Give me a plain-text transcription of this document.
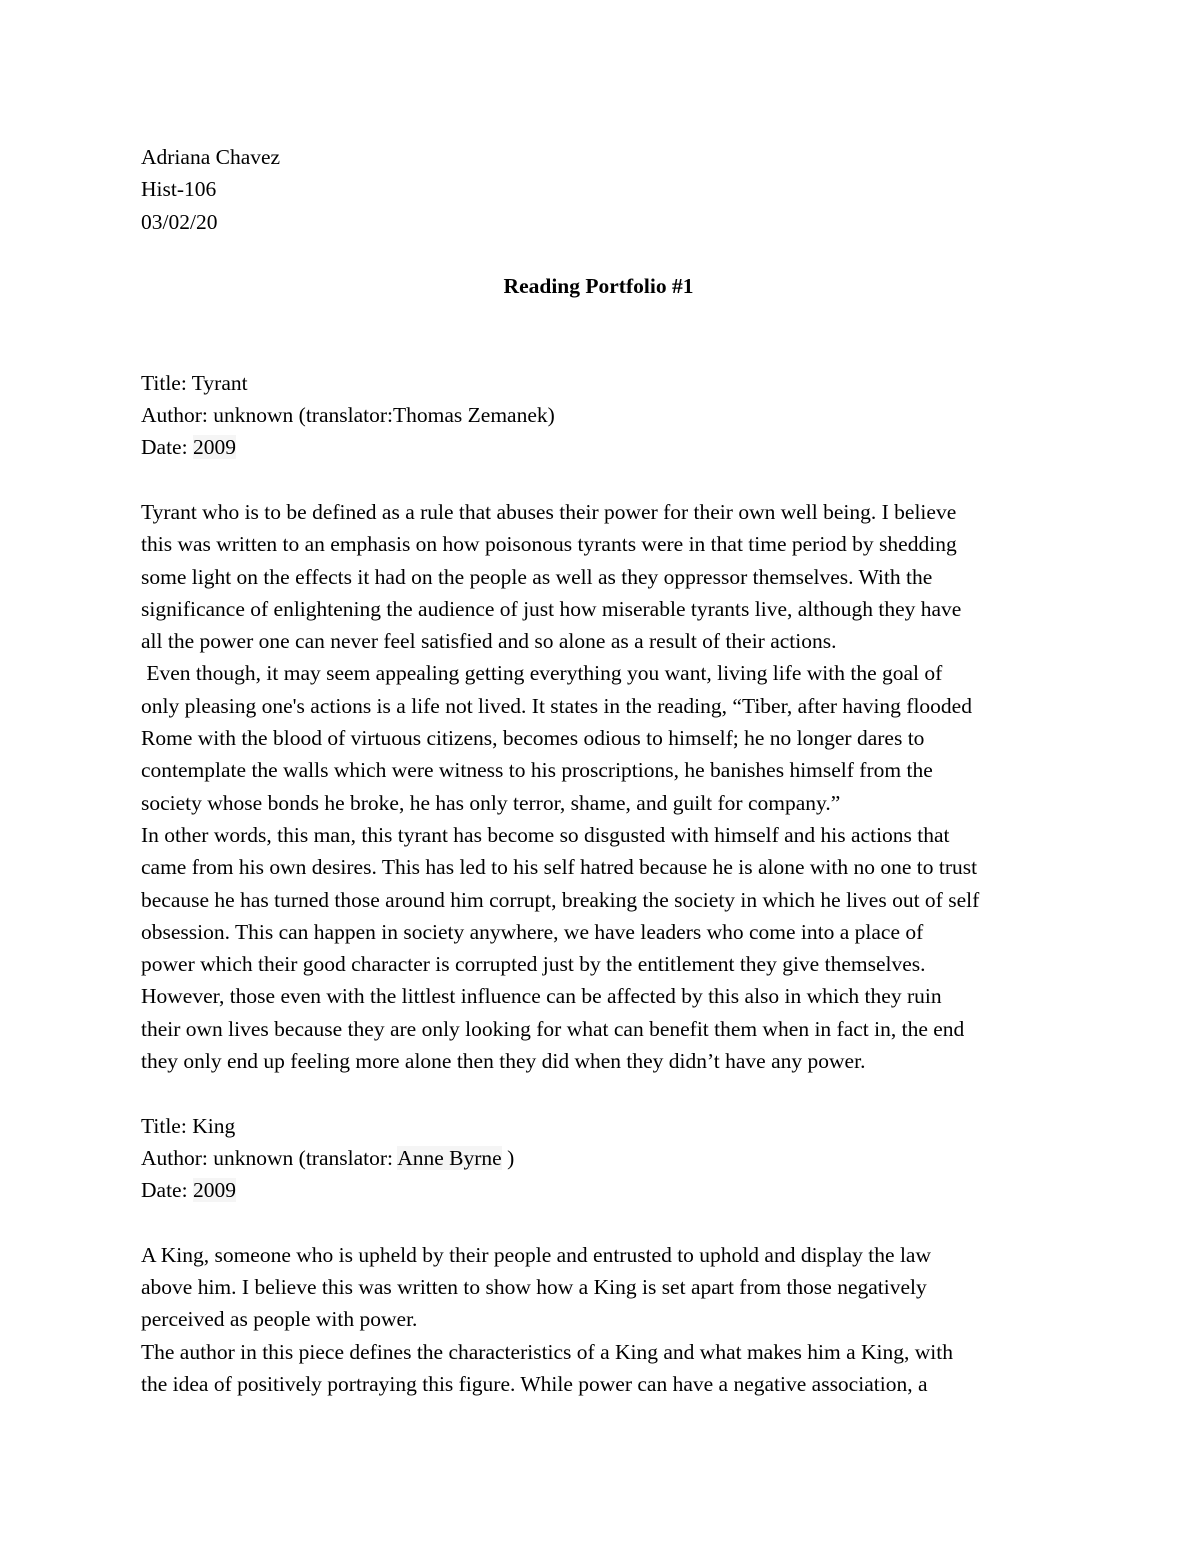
Adriana Chavez
Hist-106
03/02/20
Reading Portfolio #1
Title: Tyrant
Author: unknown (translator:Thomas Zemanek)
Date: 2009
Tyrant who is to be defined as a rule that abuses their power for their own well being. I believe
this was written to an emphasis on how poisonous tyrants were in that time period by shedding
some light on the effects it had on the people as well as they oppressor themselves. With the
significance of enlightening the audience of just how miserable tyrants live, although they have
all the power one can never feel satisfied and so alone as a result of their actions.
Even though, it may seem appealing getting everything you want, living life with the goal of
only pleasing one's actions is a life not lived. It states in the reading, “Tiber, after having flooded
Rome with the blood of virtuous citizens, becomes odious to himself; he no longer dares to
contemplate the walls which were witness to his proscriptions, he banishes himself from the
society whose bonds he broke, he has only terror, shame, and guilt for company.”
In other words, this man, this tyrant has become so disgusted with himself and his actions that
came from his own desires. This has led to his self hatred because he is alone with no one to trust
because he has turned those around him corrupt, breaking the society in which he lives out of self
obsession. This can happen in society anywhere, we have leaders who come into a place of
power which their good character is corrupted just by the entitlement they give themselves.
However, those even with the littlest influence can be affected by this also in which they ruin
their own lives because they are only looking for what can benefit them when in fact in, the end
they only end up feeling more alone then they did when they didn’t have any power.
Title: King
Author: unknown (translator: Anne Byrne )
Date: 2009
A King, someone who is upheld by their people and entrusted to uphold and display the law
above him. I believe this was written to show how a King is set apart from those negatively
perceived as people with power.
The author in this piece defines the characteristics of a King and what makes him a King, with
the idea of positively portraying this figure. While power can have a negative association, a
